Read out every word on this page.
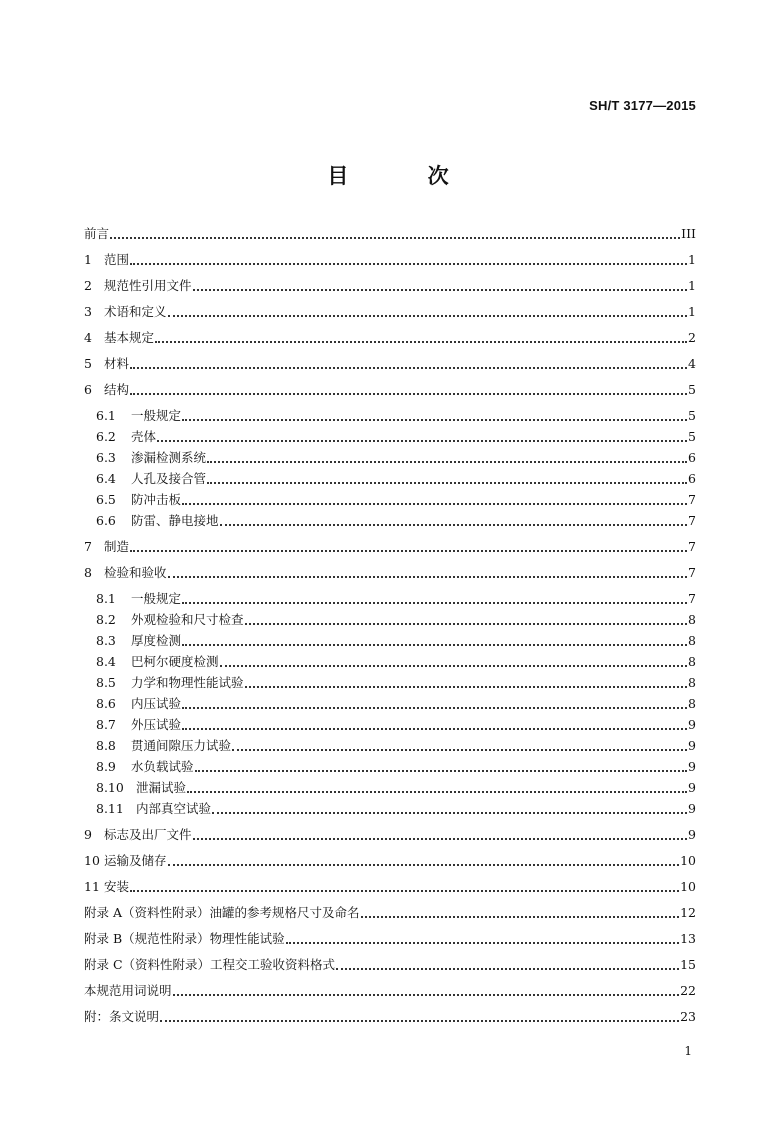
SH/T 3177—2015
目 次
前言	III
1 范围	1
2 规范性引用文件	1
3 术语和定义	1
4 基本规定	2
5 材料	4
6 结构	5
6.1	一般规定	5
6.2	壳体	5
6.3	渗漏检测系统	6
6.4	人孔及接合管	6
6.5	防冲击板	7
6.6	防雷、静电接地	7
7 制造	7
8 检验和验收	7
8.1	一般规定	7
8.2	外观检验和尺寸检查	8
8.3	厚度检测	8
8.4	巴柯尔硬度检测	8
8.5	力学和物理性能试验	8
8.6	内压试验	8
8.7	外压试验	9
8.8	贯通间隙压力试验	9
8.9	水负载试验	9
8.10 泄漏试验	9
8.11 内部真空试验	9
9 标志及出厂文件	9
10 运输及储存	10
11 安装	10
附录 A（资料性附录）油罐的参考规格尺寸及命名	12
附录 B（规范性附录）物理性能试验	13
附录 C（资料性附录）工程交工验收资料格式	15
本规范用词说明	22
附：条文说明	23
1
